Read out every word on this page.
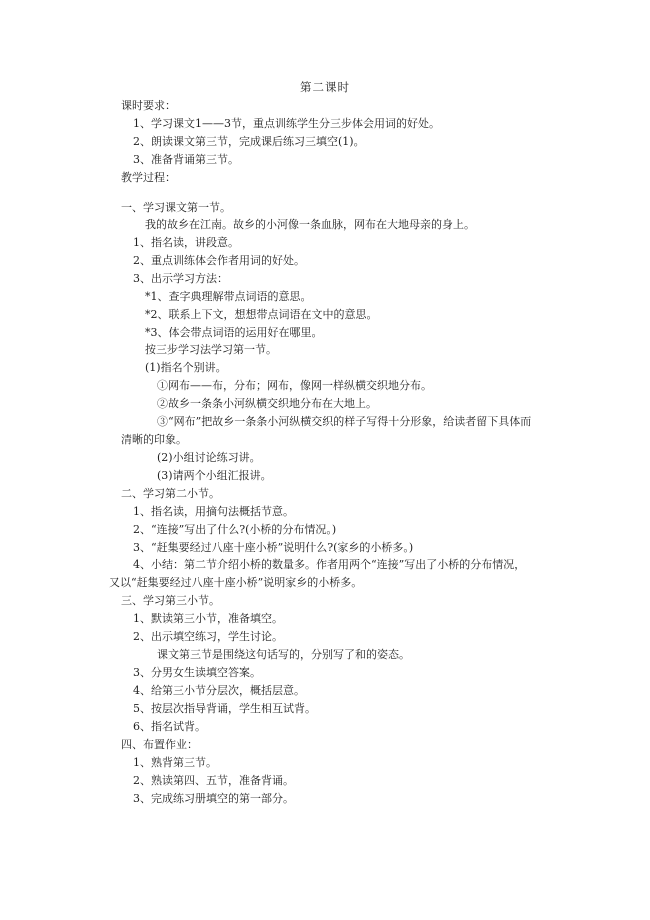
第二课时
课时要求：
1、学习课文1——3节，重点训练学生分三步体会用词的好处。
2、朗读课文第三节，完成课后练习三填空(1)。
3、准备背诵第三节。
教学过程：
一、学习课文第一节。
我的故乡在江南。故乡的小河像一条血脉，网布在大地母亲的身上。
1、指名读，讲段意。
2、重点训练体会作者用词的好处。
3、出示学习方法：
*1、查字典理解带点词语的意思。
*2、联系上下文，想想带点词语在文中的意思。
*3、体会带点词语的运用好在哪里。
按三步学习法学习第一节。
(1)指名个别讲。
①网布——布，分布；网布，像网一样纵横交织地分布。
②故乡一条条小河纵横交织地分布在大地上。
③“网布”把故乡一条条小河纵横交织的样子写得十分形象，给读者留下具体而
清晰的印象。
(2)小组讨论练习讲。
(3)请两个小组汇报讲。
二、学习第二小节。
1、指名读，用摘句法概括节意。
2、“连接”写出了什么?(小桥的分布情况。)
3、“赶集要经过八座十座小桥”说明什么?(家乡的小桥多。)
4、小结：第二节介绍小桥的数量多。作者用两个“连接”写出了小桥的分布情况，
又以“赶集要经过八座十座小桥”说明家乡的小桥多。
三、学习第三小节。
1、默读第三小节，准备填空。
2、出示填空练习，学生讨论。
课文第三节是围绕这句话写的，分别写了和的姿态。
3、分男女生读填空答案。
4、给第三小节分层次，概括层意。
5、按层次指导背诵，学生相互试背。
6、指名试背。
四、布置作业：
1、熟背第三节。
2、熟读第四、五节，准备背诵。
3、完成练习册填空的第一部分。
